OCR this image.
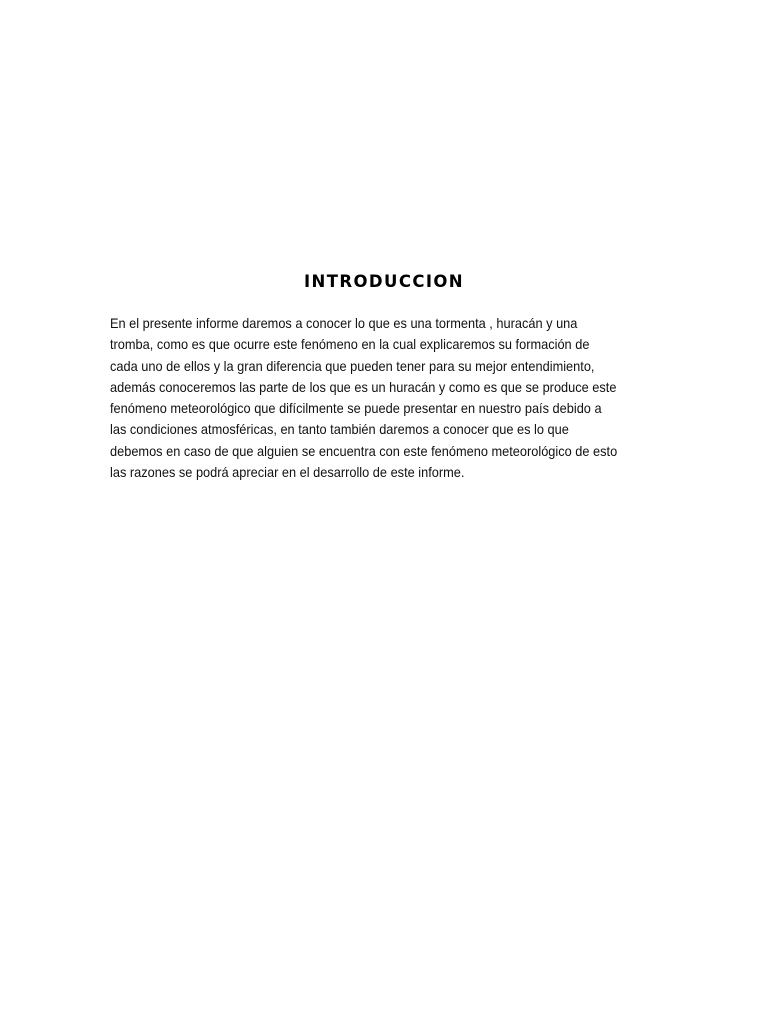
INTRODUCCION
En el presente informe daremos a conocer lo que es una tormenta , huracán y una
tromba, como es que ocurre este fenómeno en la cual explicaremos su formación de
cada uno de ellos y la gran diferencia que pueden tener para su mejor entendimiento,
además conoceremos las parte de los que es un huracán y como es que se produce este
fenómeno meteorológico que difícilmente se puede presentar en nuestro país debido a
las condiciones atmosféricas, en tanto también daremos a conocer que es lo que
debemos en caso de que alguien se encuentra con este fenómeno meteorológico de esto
las razones se podrá apreciar en el desarrollo de este informe.
